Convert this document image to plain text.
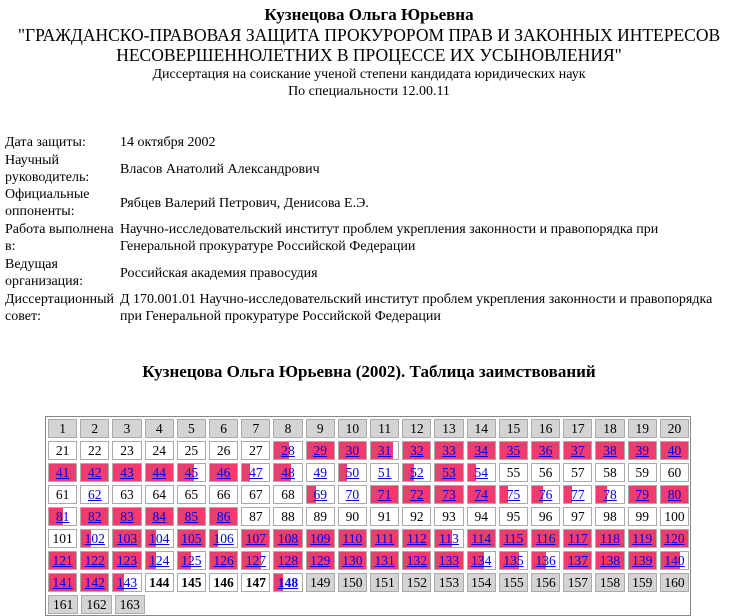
Кузнецова Ольга Юрьевна
"ГРАЖДАНСКО-ПРАВОВАЯ ЗАЩИТА ПРОКУРОРОМ ПРАВ И ЗАКОННЫХ ИНТЕРЕСОВ
НЕСОВЕРШЕННОЛЕТНИХ В ПРОЦЕССЕ ИХ УСЫНОВЛЕНИЯ"
Диссертация на соискание ученой степени кандидата юридических наук
По специальности 12.00.11
Дата защиты:	14 октября 2002
Научный руководитель:	Власов Анатолий Александрович
Официальные оппоненты:	Рябцев Валерий Петрович, Денисова Е.Э.
Работа выполнена в:	Научно-исследовательский институт проблем укрепления законности и правопорядка при Генеральной прокуратуре Российской Федерации
Ведущая организация:	Российская академия правосудия
Диссертационный совет:	Д 170.001.01 Научно-исследовательский институт проблем укрепления законности и правопорядка при Генеральной прокуратуре Российской Федерации
Кузнецова Ольга Юрьевна (2002). Таблица заимствований
1	2	3	4	5	6	7	8	9	10	11	12	13	14	15	16	17	18	19	20
21	22	23	24	25	26	27	28	29	30	31	32	33	34	35	36	37	38	39	40
41	42	43	44	45	46	47	48	49	50	51	52	53	54	55	56	57	58	59	60
61	62	63	64	65	66	67	68	69	70	71	72	73	74	75	76	77	78	79	80
81	82	83	84	85	86	87	88	89	90	91	92	93	94	95	96	97	98	99	100
101 102 103 104 105 106 107 108 109 110 111 112 113 114 115 116 117 118 119 120
121 122 123 124 125 126 127 128 129 130 131 132 133 134 135 136 137 138 139 140
141 142 143 144 145 146 147 148 149 150 151 152 153 154 155 156 157 158 159 160
161 162 163
